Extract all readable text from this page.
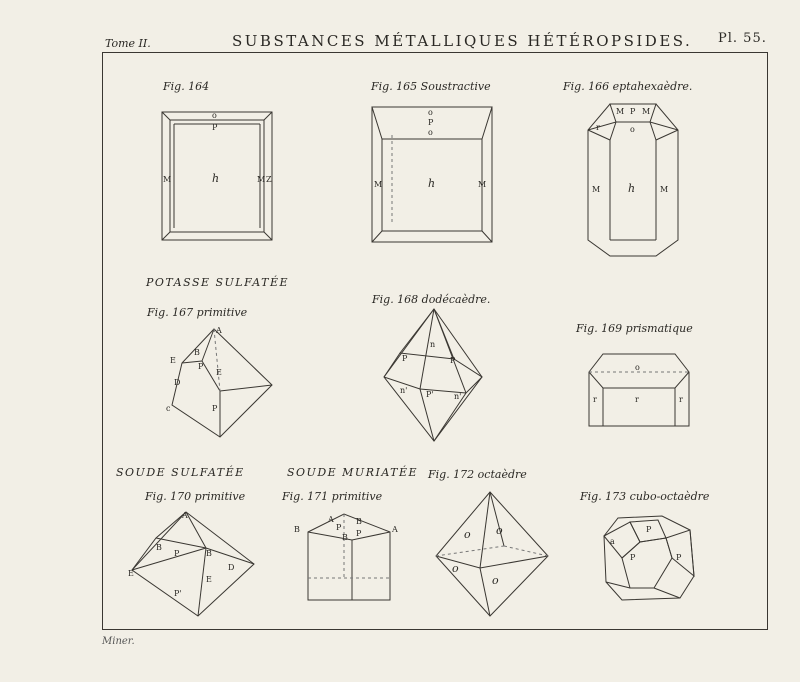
Tome II.	SUBSTANCES MÉTALLIQUES HÉTÉROPSIDES. Pl. 55.
POTASSE SULFATÉE
SOUDE SULFATÉE	SOUDE MURIATÉE
Fig. 164	Fig. 165 Soustractive	Fig. 166 eptahexaèdre.
Fig. 167 primitive
Fig. 168 dodécaèdre.
Fig. 169 prismatique
Fig. 170 primitive	Fig. 171 primitive
Fig. 172 octaèdre
Fig. 173 cubo-octaèdre
o
P
M	h	M Z
o
P
o
M	h	M
M P M
r	o
M	h	M
A
B
E
P
E
D
P
c
n
P	P
n' P'	n'
o
r	r	r
A
B
P	B
E
D
E
P'
A
B	P
B
A
B
P	o o
o
o
P
P	P
a
Miner.
